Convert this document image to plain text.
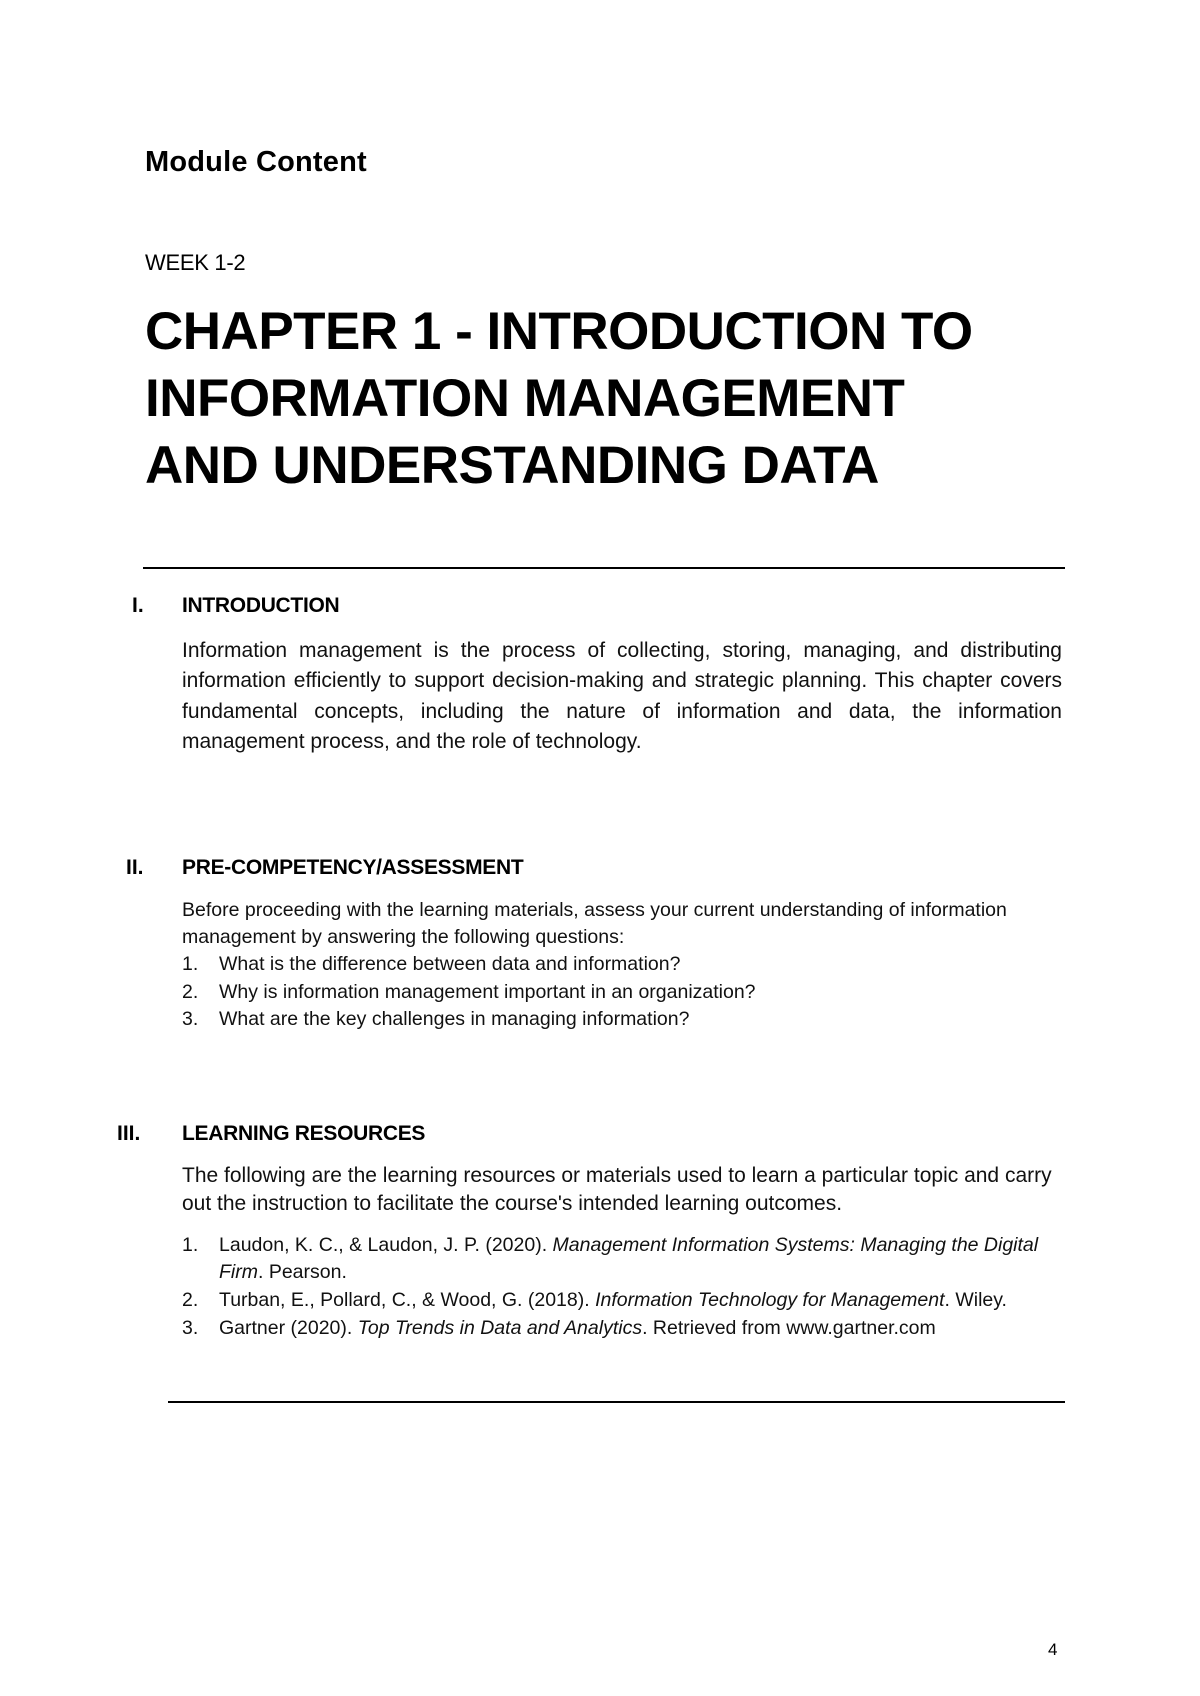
Module Content
WEEK 1-2
CHAPTER 1 - INTRODUCTION TO
INFORMATION MANAGEMENT
AND UNDERSTANDING DATA
I. INTRODUCTION

Information management is the process of collecting, storing, managing, and distributing information efficiently to support decision-making and strategic planning. This chapter covers fundamental concepts, including the nature of information and data, the information management process, and the role of technology.

II. PRE-COMPETENCY/ASSESSMENT

Before proceeding with the learning materials, assess your current understanding of information management by answering the following questions:

1. What is the difference between data and information?
2. Why is information management important in an organization?
3. What are the key challenges in managing information?
III. LEARNING RESOURCES

The following are the learning resources or materials used to learn a particular topic and carry out the instruction to facilitate the course's intended learning outcomes.

1. Laudon, K. C., & Laudon, J. P. (2020). Management Information Systems: Managing the Digital Firm. Pearson.
2. Turban, E., Pollard, C., & Wood, G. (2018). Information Technology for Management. Wiley.
3. Gartner (2020). Top Trends in Data and Analytics. Retrieved from www.gartner.com
4
